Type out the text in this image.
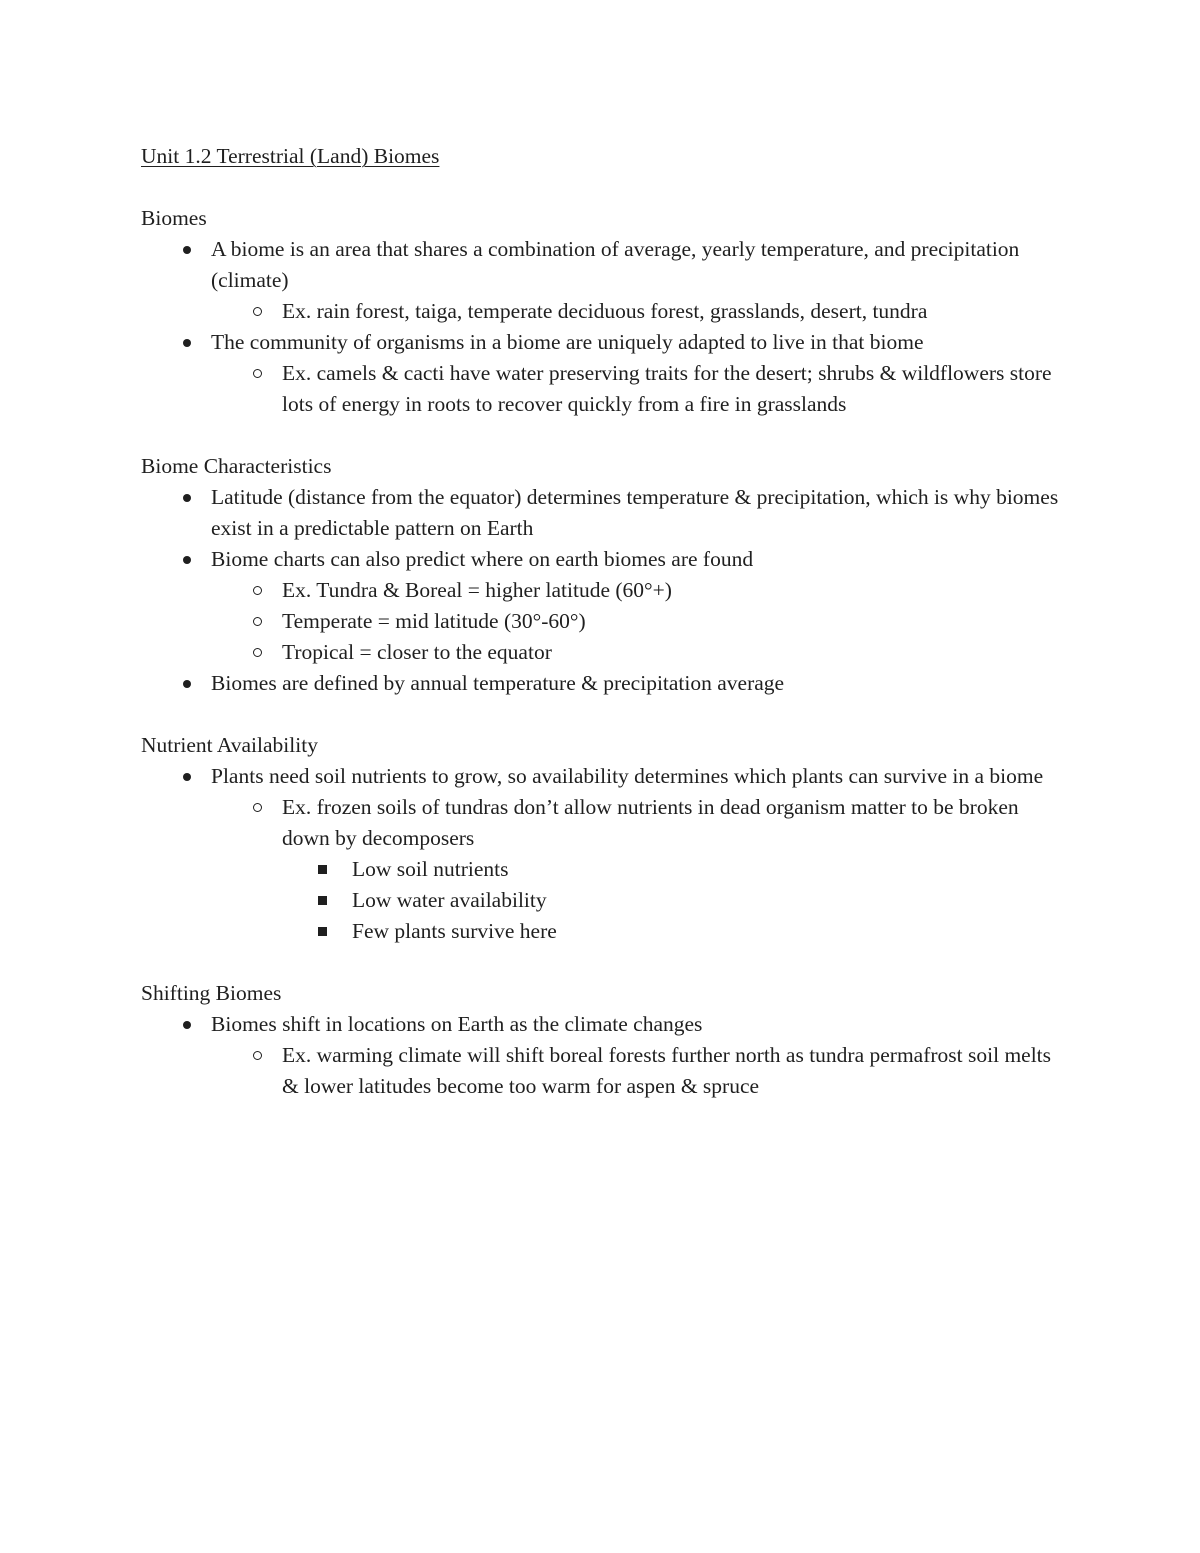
Unit 1.2 Terrestrial (Land) Biomes

Biomes

A biome is an area that shares a combination of average, yearly temperature, and precipitation (climate)
Ex. rain forest, taiga, temperate deciduous forest, grasslands, desert, tundra
The community of organisms in a biome are uniquely adapted to live in that biome
Ex. camels & cacti have water preserving traits for the desert; shrubs & wildflowers store lots of energy in roots to recover quickly from a fire in grasslands

Biome Characteristics

Latitude (distance from the equator) determines temperature & precipitation, which is why biomes exist in a predictable pattern on Earth
Biome charts can also predict where on earth biomes are found
Ex. Tundra & Boreal = higher latitude (60°+)
Temperate = mid latitude (30°-60°)
Tropical = closer to the equator
Biomes are defined by annual temperature & precipitation average

Nutrient Availability

Plants need soil nutrients to grow, so availability determines which plants can survive in a biome
Ex. frozen soils of tundras don’t allow nutrients in dead organism matter to be broken down by decomposers
Low soil nutrients
Low water availability
Few plants survive here

Shifting Biomes

Biomes shift in locations on Earth as the climate changes
Ex. warming climate will shift boreal forests further north as tundra permafrost soil melts & lower latitudes become too warm for aspen & spruce
